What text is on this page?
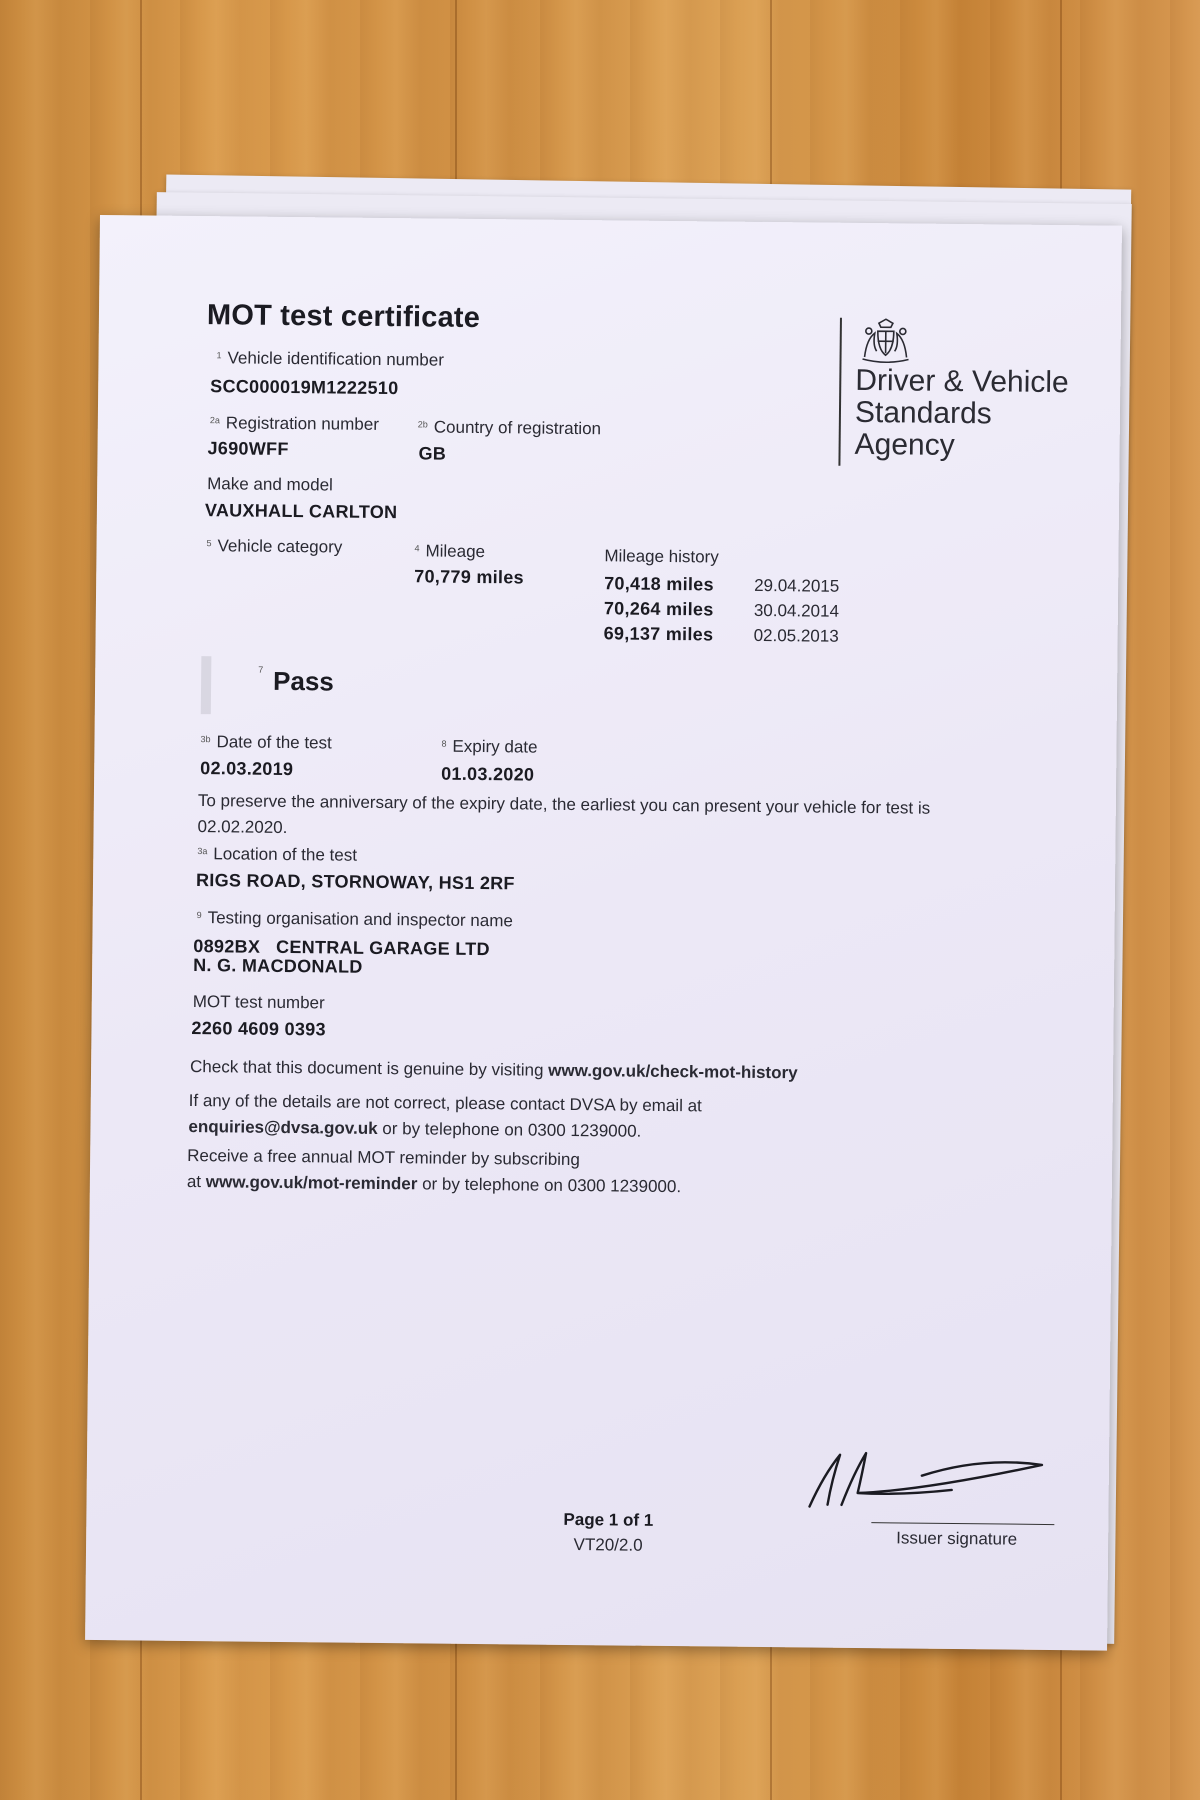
MOT test certificate
$^1$ Vehicle identification number
SCC000019M1222510
$^{2a}$ Registration number
J690WFF
$^{2b}$ Country of registration
GB
Make and model
VAUXHALL CARLTON
$^5$ Vehicle category	$^4$ Mileage
70,779 miles
Mileage history
70,418 miles 29.04.2015
70,264 miles 30.04.2014
69,137 miles 02.05.2013
$^7$ Pass
$^{3b}$ Date of the test
02.03.2019
$^8$ Expiry date
01.03.2020
To preserve the anniversary of the expiry date, the earliest you can present your vehicle for test is 02.02.2020.
$^{3a}$ Location of the test
RIGS ROAD, STORNOWAY, HS1 2RF
$^9$ Testing organisation and inspector name
0892BX CENTRAL GARAGE LTD
N. G. MACDONALD
MOT test number
2260 4609 0393
Check that this document is genuine by visiting www.gov.uk/check-mot-history
If any of the details are not correct, please contact DVSA by email at
enquiries@dvsa.gov.uk or by telephone on 0300 1239000.
Receive a free annual MOT reminder by subscribing
at www.gov.uk/mot-reminder or by telephone on 0300 1239000.
Page 1 of 1
VT20/2.0	Issuer signature
Driver & Vehicle
Standards
Agency
